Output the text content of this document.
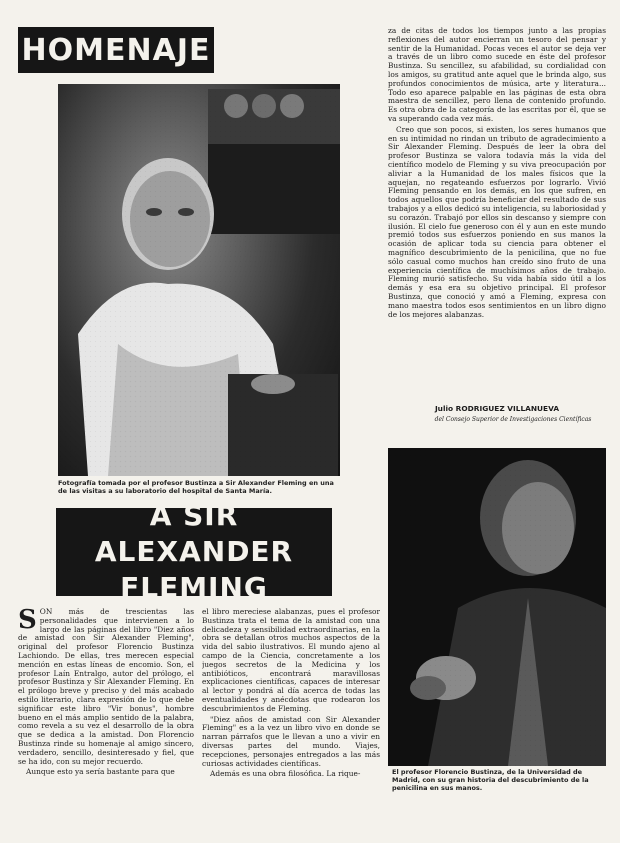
HOMENAJE
Fotografía tomada por el profesor Bustinza a Sir Alexander Fleming en una de las visitas a su laboratorio del hospital de Santa María.
A SIR ALEXANDER
FLEMING

za de citas de todos los tiempos junto a las propias reflexiones del autor encierran un tesoro del pensar y sentir de la Humanidad. Pocas veces el autor se deja ver a través de un libro como sucede en éste del profesor Bustinza. Su sencillez, su afabilidad, su cordialidad con los amigos, su gratitud ante aquel que le brinda algo, sus profundos conocimientos de música, arte y literatura... Todo eso aparece palpable en las páginas de esta obra maestra de sencillez, pero llena de contenido profundo. Es otra obra de la categoría de las escritas por él, que se va superando cada vez más.

Creo que son pocos, si existen, los seres humanos que en su intimidad no rindan un tributo de agradecimiento a Sir Alexander Fleming. Después de leer la obra del profesor Bustinza se valora todavía más la vida del científico modelo de Fleming y su viva preocupación por aliviar a la Humanidad de los males físicos que la aquejan, no regateando esfuerzos por lograrlo. Vivió Fleming pensando en los demás, en los que sufren, en todos aquellos que podría beneficiar del resultado de sus trabajos y a ellos dedicó su inteligencia, su laboriosidad y su corazón. Trabajó por ellos sin descanso y siempre con ilusión. El cielo fue generoso con él y aun en este mundo premió todos sus esfuerzos poniendo en sus manos la ocasión de aplicar toda su ciencia para obtener el magnífico descubrimiento de la penicilina, que no fue sólo casual como muchos han creído sino fruto de una experiencia científica de muchísimos años de trabajo. Fleming murió satisfecho. Su vida había sido útil a los demás y esa era su objetivo principal. El profesor Bustinza, que conoció y amó a Fleming, expresa con mano maestra todos esos sentimientos en un libro digno de los mejores alabanzas.

Julio RODRIGUEZ VILLANUEVA
del Consejo Superior de Investigaciones Científicas
El profesor Florencio Bustinza, de la Universidad de Madrid, con su gran historia del descubrimiento de la penicilina en sus manos.

SON más de trescientas las personalidades que intervienen a lo largo de las páginas del libro "Diez años de amistad con Sir Alexander Fleming", original del profesor Florencio Bustinza Lachiondo. De ellas, tres merecen especial mención en estas líneas de encomio. Son, el profesor Laín Entralgo, autor del prólogo, el profesor Bustinza y Sir Alexander Fleming. En el prólogo breve y preciso y del más acabado estilo literario, clara expresión de lo que debe significar este libro "Vir bonus", hombre bueno en el más amplio sentido de la palabra, como revela a su vez el desarrollo de la obra que se dedica a la amistad. Don Florencio Bustinza rinde su homenaje al amigo sincero, verdadero, sencillo, desinteresado y fiel, que se ha ido, con su mejor recuerdo.

Aunque esto ya sería bastante para que

el libro mereciese alabanzas, pues el profesor Bustinza trata el tema de la amistad con una delicadeza y sensibilidad extraordinarias, en la obra se detallan otros muchos aspectos de la vida del sabio ilustrativos. El mundo ajeno al campo de la Ciencia, concretamente a los juegos secretos de la Medicina y los antibióticos, encontrará maravillosas explicaciones científicas, capaces de interesar al lector y pondrá al día acerca de todas las eventualidades y anécdotas que rodearon los descubrimientos de Fleming.

"Diez años de amistad con Sir Alexander Fleming" es a la vez un libro vivo en donde se narran párrafos que le llevan a uno a vivir en diversas partes del mundo. Viajes, recepciones, personajes entregados a las más curiosas actividades científicas.

Además es una obra filosófica. La rique-
